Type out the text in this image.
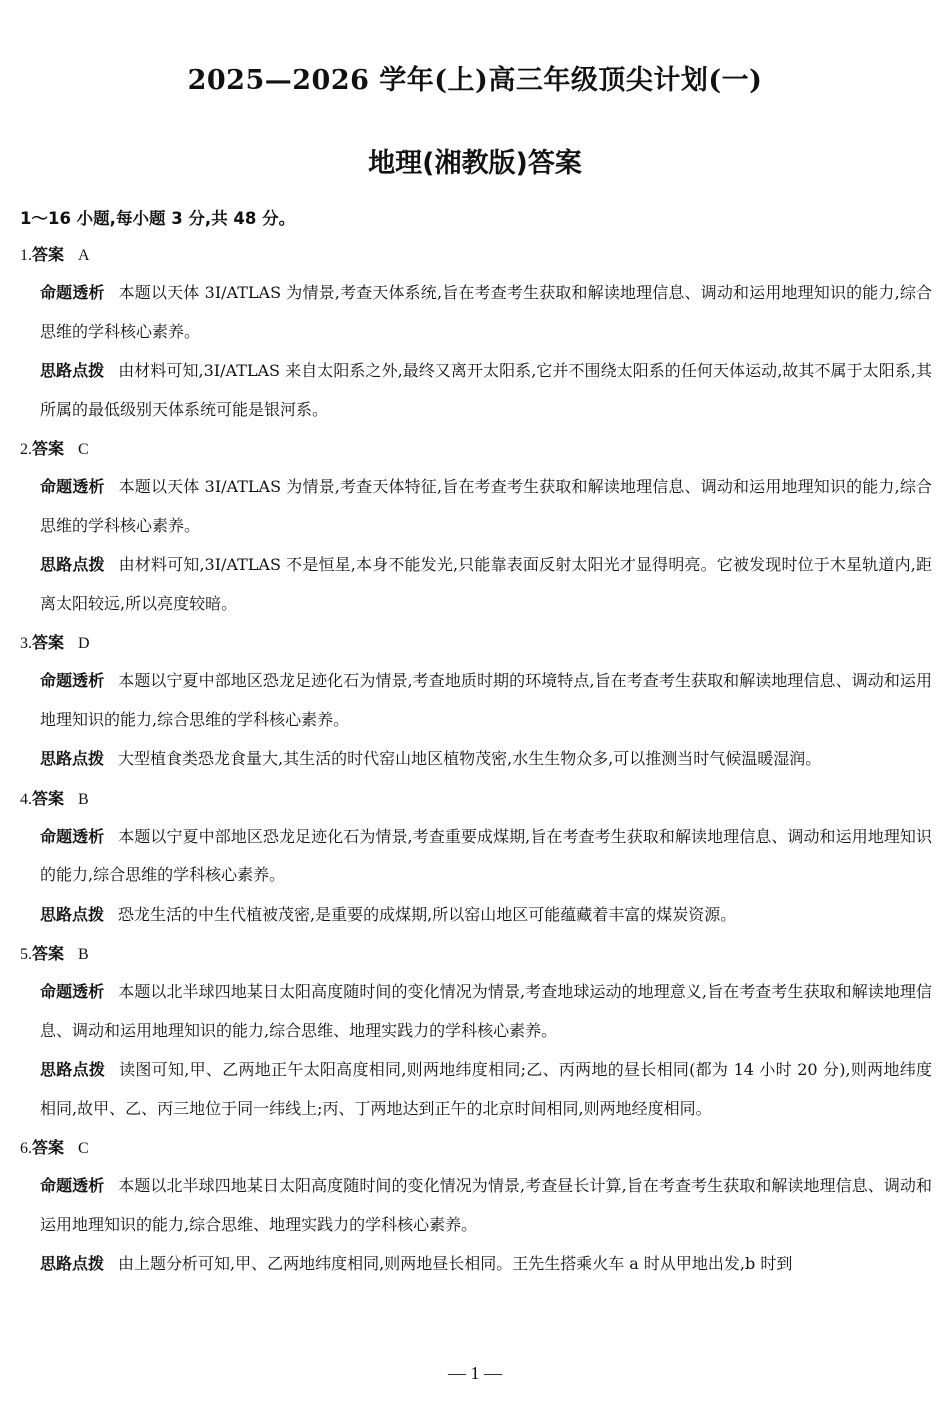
2025—2026 学年(上)高三年级顶尖计划(一)
地理(湘教版)答案
1～16 小题,每小题 3 分,共 48 分。
1.答案 A
命题透析 本题以天体 3I/ATLAS 为情景,考查天体系统,旨在考查考生获取和解读地理信息、调动和运用地理知识的能力,综合思维的学科核心素养。
思路点拨 由材料可知,3I/ATLAS 来自太阳系之外,最终又离开太阳系,它并不围绕太阳系的任何天体运动,故其不属于太阳系,其所属的最低级别天体系统可能是银河系。
2.答案 C
命题透析 本题以天体 3I/ATLAS 为情景,考查天体特征,旨在考查考生获取和解读地理信息、调动和运用地理知识的能力,综合思维的学科核心素养。
思路点拨 由材料可知,3I/ATLAS 不是恒星,本身不能发光,只能靠表面反射太阳光才显得明亮。它被发现时位于木星轨道内,距离太阳较远,所以亮度较暗。
3.答案 D
命题透析 本题以宁夏中部地区恐龙足迹化石为情景,考查地质时期的环境特点,旨在考查考生获取和解读地理信息、调动和运用地理知识的能力,综合思维的学科核心素养。
思路点拨 大型植食类恐龙食量大,其生活的时代窑山地区植物茂密,水生生物众多,可以推测当时气候温暖湿润。
4.答案 B
命题透析 本题以宁夏中部地区恐龙足迹化石为情景,考查重要成煤期,旨在考查考生获取和解读地理信息、调动和运用地理知识的能力,综合思维的学科核心素养。
思路点拨 恐龙生活的中生代植被茂密,是重要的成煤期,所以窑山地区可能蕴藏着丰富的煤炭资源。
5.答案 B
命题透析 本题以北半球四地某日太阳高度随时间的变化情况为情景,考查地球运动的地理意义,旨在考查考生获取和解读地理信息、调动和运用地理知识的能力,综合思维、地理实践力的学科核心素养。
思路点拨 读图可知,甲、乙两地正午太阳高度相同,则两地纬度相同;乙、丙两地的昼长相同(都为 14 小时 20 分),则两地纬度相同,故甲、乙、丙三地位于同一纬线上;丙、丁两地达到正午的北京时间相同,则两地经度相同。
6.答案 C
命题透析 本题以北半球四地某日太阳高度随时间的变化情况为情景,考查昼长计算,旨在考查考生获取和解读地理信息、调动和运用地理知识的能力,综合思维、地理实践力的学科核心素养。
思路点拨 由上题分析可知,甲、乙两地纬度相同,则两地昼长相同。王先生搭乘火车 a 时从甲地出发,b 时到
— 1 —
